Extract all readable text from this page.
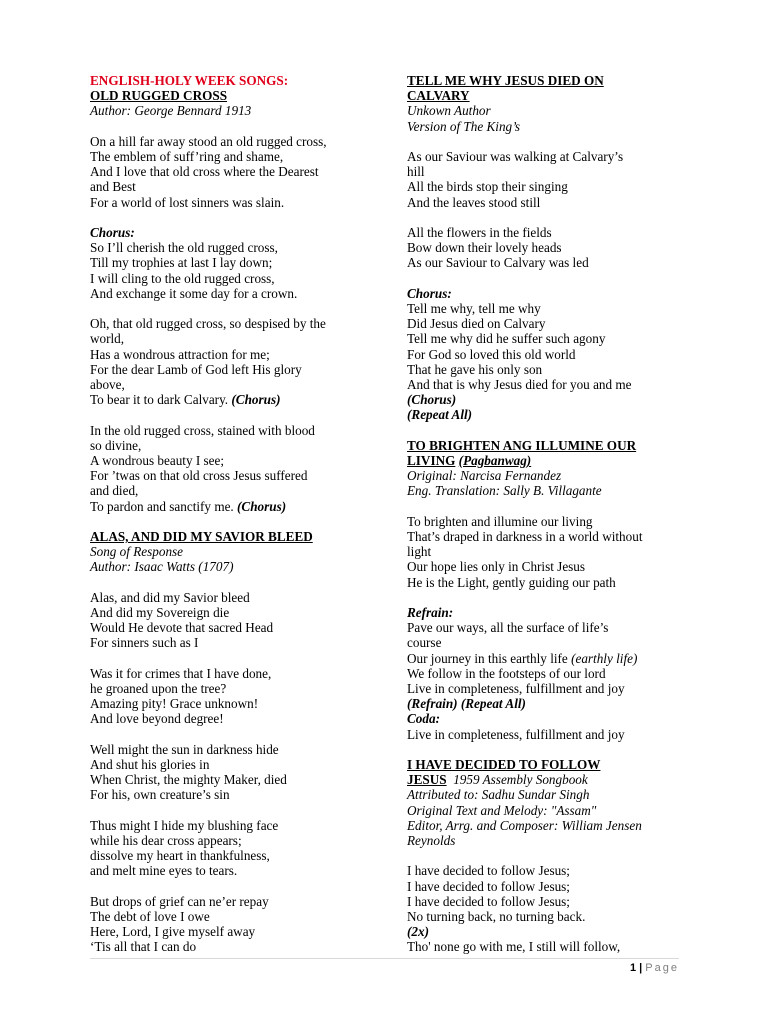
ENGLISH-HOLY WEEK SONGS:
OLD RUGGED CROSS
Author: George Bennard 1913
On a hill far away stood an old rugged cross,
The emblem of suff’ring and shame,
And I love that old cross where the Dearest
and Best
For a world of lost sinners was slain.
Chorus:
So I’ll cherish the old rugged cross,
Till my trophies at last I lay down;
I will cling to the old rugged cross,
And exchange it some day for a crown.
Oh, that old rugged cross, so despised by the
world,
Has a wondrous attraction for me;
For the dear Lamb of God left His glory
above,
To bear it to dark Calvary. (Chorus)
In the old rugged cross, stained with blood
so divine,
A wondrous beauty I see;
For ’twas on that old cross Jesus suffered
and died,
To pardon and sanctify me. (Chorus)
ALAS, AND DID MY SAVIOR BLEED
Song of Response
Author: Isaac Watts (1707)
Alas, and did my Savior bleed
And did my Sovereign die
Would He devote that sacred Head
For sinners such as I
Was it for crimes that I have done,
he groaned upon the tree?
Amazing pity! Grace unknown!
And love beyond degree!
Well might the sun in darkness hide
And shut his glories in
When Christ, the mighty Maker, died
For his, own creature’s sin
Thus might I hide my blushing face
while his dear cross appears;
dissolve my heart in thankfulness,
and melt mine eyes to tears.
But drops of grief can ne’er repay
The debt of love I owe
Here, Lord, I give myself away
‘Tis all that I can do
TELL ME WHY JESUS DIED ON
CALVARY
Unkown Author
Version of The King’s
As our Saviour was walking at Calvary’s
hill
All the birds stop their singing
And the leaves stood still
All the flowers in the fields
Bow down their lovely heads
As our Saviour to Calvary was led
Chorus:
Tell me why, tell me why
Did Jesus died on Calvary
Tell me why did he suffer such agony
For God so loved this old world
That he gave his only son
And that is why Jesus died for you and me
(Chorus)
(Repeat All)
TO BRIGHTEN ANG ILLUMINE OUR
LIVING (Pagbanwag)
Original: Narcisa Fernandez
Eng. Translation: Sally B. Villagante
To brighten and illumine our living
That’s draped in darkness in a world without
light
Our hope lies only in Christ Jesus
He is the Light, gently guiding our path
Refrain:
Pave our ways, all the surface of life’s
course
Our journey in this earthly life (earthly life)
We follow in the footsteps of our lord
Live in completeness, fulfillment and joy
(Refrain) (Repeat All)
Coda:
Live in completeness, fulfillment and joy
I HAVE DECIDED TO FOLLOW
JESUS 1959 Assembly Songbook
Attributed to: Sadhu Sundar Singh
Original Text and Melody: "Assam"
Editor, Arrg. and Composer: William Jensen
Reynolds
I have decided to follow Jesus;
I have decided to follow Jesus;
I have decided to follow Jesus;
No turning back, no turning back.
(2x)
Tho' none go with me, I still will follow,
1 | Page
